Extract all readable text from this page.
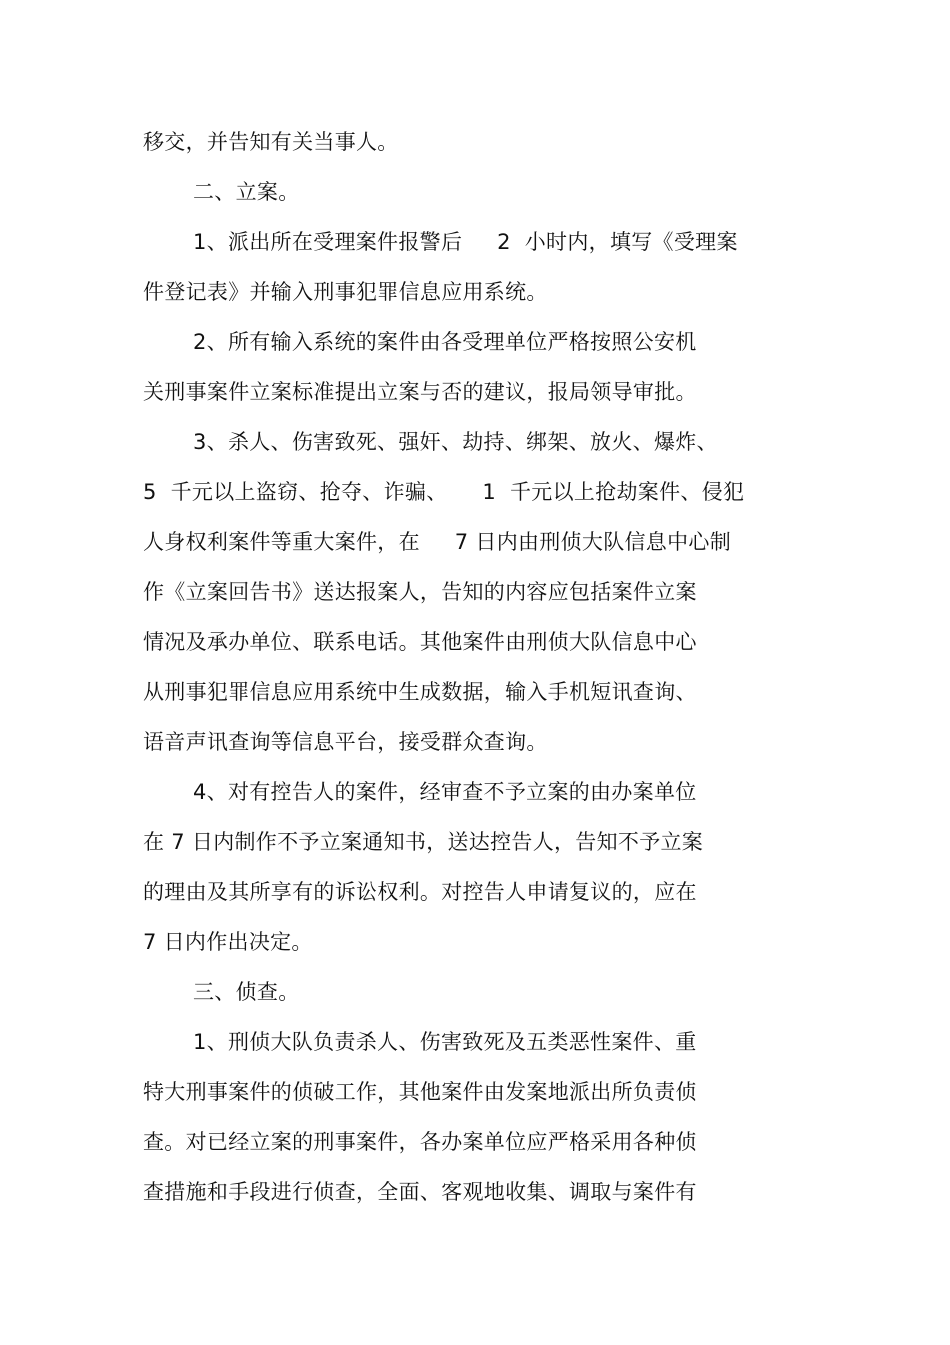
移交，并告知有关当事人。

二、立案。

1、派出所在受理案件报警后     2  小时内，填写《受理案

件登记表》并输入刑事犯罪信息应用系统。

2、所有输入系统的案件由各受理单位严格按照公安机

关刑事案件立案标准提出立案与否的建议，报局领导审批。

3、杀人、伤害致死、强奸、劫持、绑架、放火、爆炸、

5  千元以上盗窃、抢夺、诈骗、     1  千元以上抢劫案件、侵犯

人身权利案件等重大案件，在     7 日内由刑侦大队信息中心制

作《立案回告书》送达报案人，告知的内容应包括案件立案

情况及承办单位、联系电话。其他案件由刑侦大队信息中心

从刑事犯罪信息应用系统中生成数据，输入手机短讯查询、

语音声讯查询等信息平台，接受群众查询。

4、对有控告人的案件，经审查不予立案的由办案单位

在 7 日内制作不予立案通知书，送达控告人，告知不予立案

的理由及其所享有的诉讼权利。对控告人申请复议的，应在

7 日内作出决定。

三、侦查。

1、刑侦大队负责杀人、伤害致死及五类恶性案件、重

特大刑事案件的侦破工作，其他案件由发案地派出所负责侦

查。对已经立案的刑事案件，各办案单位应严格采用各种侦

查措施和手段进行侦查，全面、客观地收集、调取与案件有
